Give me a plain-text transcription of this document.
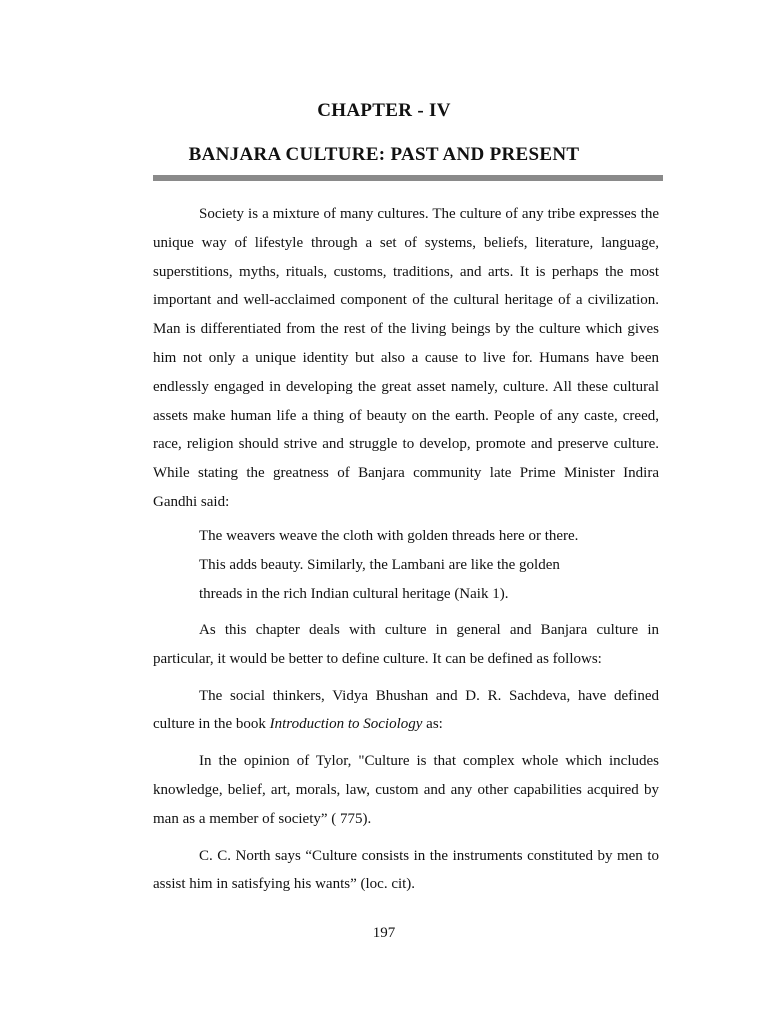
CHAPTER - IV
BANJARA CULTURE: PAST AND PRESENT

Society is a mixture of many cultures. The culture of any tribe expresses the unique way of lifestyle through a set of systems, beliefs, literature, language, superstitions, myths, rituals, customs, traditions, and arts. It is perhaps the most important and well-acclaimed component of the cultural heritage of a civilization. Man is differentiated from the rest of the living beings by the culture which gives him not only a unique identity but also a cause to live for. Humans have been endlessly engaged in developing the great asset namely, culture. All these cultural assets make human life a thing of beauty on the earth. People of any caste, creed, race, religion should strive and struggle to develop, promote and preserve culture. While stating the greatness of Banjara community late Prime Minister Indira Gandhi said:

The weavers weave the cloth with golden threads here or there.

This adds beauty. Similarly, the Lambani are like the golden

threads in the rich Indian cultural heritage (Naik 1).

As this chapter deals with culture in general and Banjara culture in particular, it would be better to define culture. It can be defined as follows:

The social thinkers, Vidya Bhushan and D. R. Sachdeva, have defined culture in the book Introduction to Sociology as:

In the opinion of Tylor, "Culture is that complex whole which includes knowledge, belief, art, morals, law, custom and any other capabilities acquired by man as a member of society” ( 775).

C. C. North says “Culture consists in the instruments constituted by men to assist him in satisfying his wants” (loc. cit).

197
